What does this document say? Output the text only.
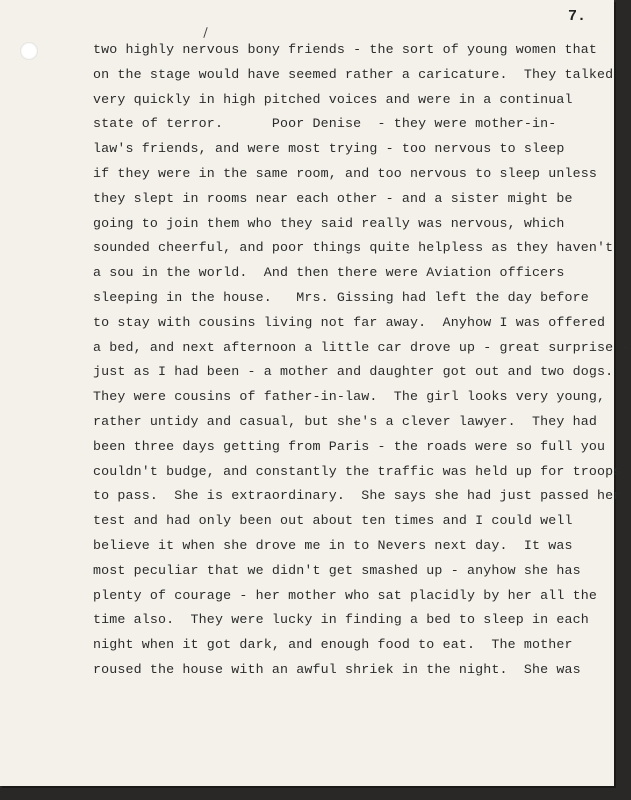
7.
two highly nervous bony friends - the sort of young women that
on the stage would have seemed rather a caricature.  They talked
very quickly in high pitched voices and were in a continual
state of terror.      Poor Denise  - they were mother-in-
law's friends, and were most trying - too nervous to sleep
if they were in the same room, and too nervous to sleep unless
they slept in rooms near each other - and a sister might be
going to join them who they said really was nervous, which
sounded cheerful, and poor things quite helpless as they haven't
a sou in the world.  And then there were Aviation officers
sleeping in the house.   Mrs. Gissing had left the day before
to stay with cousins living not far away.  Anyhow I was offered
a bed, and next afternoon a little car drove up - great surprise -
just as I had been - a mother and daughter got out and two dogs.
They were cousins of father-in-law.  The girl looks very young,
rather untidy and casual, but she's a clever lawyer.  They had
been three days getting from Paris - the roads were so full you
couldn't budge, and constantly the traffic was held up for troops
to pass.  She is extraordinary.  She says she had just passed her
test and had only been out about ten times and I could well
believe it when she drove me in to Nevers next day.  It was
most peculiar that we didn't get smashed up - anyhow she has
plenty of courage - her mother who sat placidly by her all the
time also.  They were lucky in finding a bed to sleep in each
night when it got dark, and enough food to eat.  The mother
roused the house with an awful shriek in the night.  She was
